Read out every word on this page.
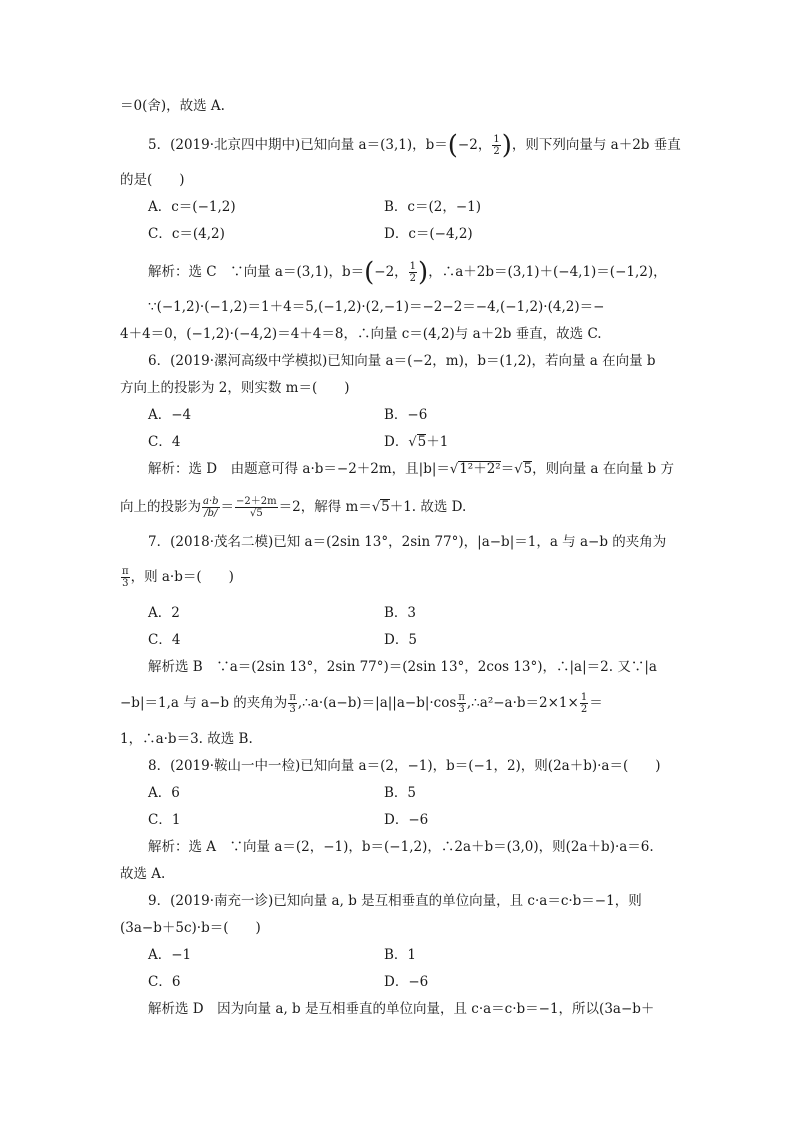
＝0(舍)，故选 A.
5．(2019·北京四中期中)已知向量 a＝(3,1)，b＝(−2， $\frac{1}{2}$ )，则下列向量与 a＋2b 垂直
的是(　　)
A．c＝(−1,2)	B．c＝(2，−1)
C．c＝(4,2)	D．c＝(−4,2)
解析：选 C　∵向量 a＝(3,1)，b＝(−2， $\frac{1}{2}$ )，∴a＋2b＝(3,1)＋(−4,1)＝(−1,2)，
∵(−1,2)·(−1,2)＝1＋4＝5,(−1,2)·(2,−1)＝−2−2＝−4,(−1,2)·(4,2)＝−
4＋4＝0，(−1,2)·(−4,2)＝4＋4＝8，∴向量 c＝(4,2)与 a＋2b 垂直，故选 C.
6．(2019·漯河高级中学模拟)已知向量 a＝(−2，m)，b＝(1,2)，若向量 a 在向量 b
方向上的投影为 2，则实数 m＝(　　)
A．−4	B．−6
C．4	D．√5＋1
解析：选 D　由题意可得 a·b＝−2＋2m，且|b|＝√1²＋2²＝√5，则向量 a 在向量 b 方
向上的投影为 $\frac{a\cdot b}{/b/} = \frac{-2+2m}{√5} =2$，解得 m＝√5＋1. 故选 D.
7．(2018·茂名二模)已知 a＝(2sin 13°，2sin 77°)，|a−b|＝1，a 与 a−b 的夹角为
$\frac{\pi}{3}$ ，则 a·b＝(　　)
A．2	B．3
C．4	D．5
解析选 B　∵a＝(2sin 13°，2sin 77°)＝(2sin 13°，2cos 13°)，∴|a|＝2. 又∵|a
−b|＝1,a 与 a−b 的夹角为 $\frac{\pi}{3}$ ,∴a·(a−b)＝|a||a−b|·cos $\frac{\pi}{3}$ ,∴a²−a·b＝2×1× $\frac{1}{2}$ ＝
1，∴a·b＝3. 故选 B.
8．(2019·鞍山一中一检)已知向量 a＝(2，−1)，b＝(−1，2)，则(2a＋b)·a＝(　　)
A．6	B．5
C．1	D．−6
解析：选 A　∵向量 a＝(2，−1)，b＝(−1,2)，∴2a＋b＝(3,0)，则(2a＋b)·a＝6.
故选 A.
9．(2019·南充一诊)已知向量 a, b 是互相垂直的单位向量，且 c·a＝c·b＝−1，则
(3a−b＋5c)·b＝(　　)
A．−1	B．1
C．6	D．−6
解析选 D　因为向量 a, b 是互相垂直的单位向量，且 c·a＝c·b＝−1，所以(3a−b＋
